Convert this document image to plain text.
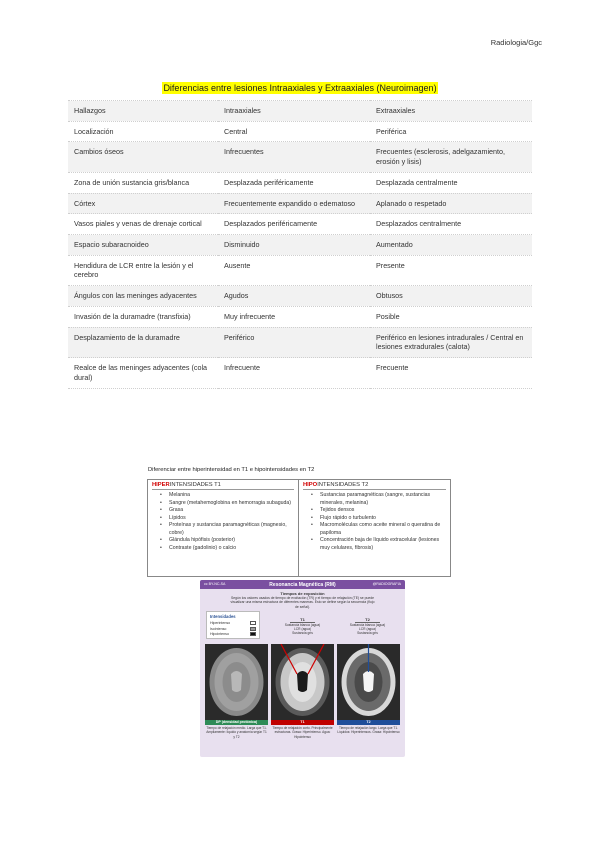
Radiologia/Ggc
Diferencias entre lesiones Intraaxiales y Extraaxiales (Neuroimagen)
Hallazgos	Intraaxiales	Extraaxiales
Localización	Central	Periférica
Cambios óseos	Infrecuentes	Frecuentes (esclerosis, adelgazamiento, erosión y lisis)
Zona de unión sustancia gris/blanca	Desplazada periféricamente	Desplazada centralmente
Córtex	Frecuentemente expandido o edematoso	Aplanado o respetado
Vasos piales y venas de drenaje cortical	Desplazados periféricamente	Desplazados centralmente
Espacio subaracnoideo	Disminuido	Aumentado
Hendidura de LCR entre la lesión y el cerebro	Ausente	Presente
Ángulos con las meninges adyacentes	Agudos	Obtusos
Invasión de la duramadre (transfixia)	Muy infrecuente	Posible
Desplazamiento de la duramadre	Periférico	Periférico en lesiones intradurales / Central en lesiones extradurales (calota)
Realce de las meninges adyacentes (cola dural)	Infrecuente	Frecuente
Diferenciar entre hiperintensidad en T1 e hipointensidades en T2
HIPERINTENSIDADES T1
• Melanina
• Sangre (metahemoglobina en hemorragia subaguda)
• Grasa
• Lípidos
• Proteínas y sustancias paramagnéticas (magnesio, cobre)
• Glándula hipófisis (posterior)
• Contraste (gadolinio) o calcio
HIPOINTENSIDADES T2
• Sustancias paramagnéticas (sangre, sustancias minerales, melanina)
• Tejidos densos
• Flujo rápido o turbulento
• Macromoléculas como aceite mineral o queratina de papiloma
• Concentración baja de líquido extracelular (lesiones muy celulares, fibrosis)
cc BY-NC-SA	Resonancia Magnética (RM)	@RADIOGRAFIA
Tiempos de exposición
Según los valores usados de tiempo de excitación (TR) y el tiempo de relajación (TE) se puede visualizar una misma estructura de diferentes maneras. Esto se define según la secuencia (flujo de señal).
Intensidades
Hiperintenso
Isointenso
Hipointenso
T1	T2
Sustancia blanca (agua)
LCR (agua)
Sustancia gris
Sustancia blanca (agua)
LCR (agua)
Sustancia gris
DP (densidad protónica)	T1	T2
Tiempo de relajación medio. Larga que T1. Ampliamente: líquido y anatomía según T1 y T2
Tiempo de relajación corto. Principalmente estructuras. Grasa: Hiperintenso. Agua: Hipointenso
Tiempo de relajación largo. Larga que T1. Líquidos: Hiperintensos. Grasa: Hipointenso
